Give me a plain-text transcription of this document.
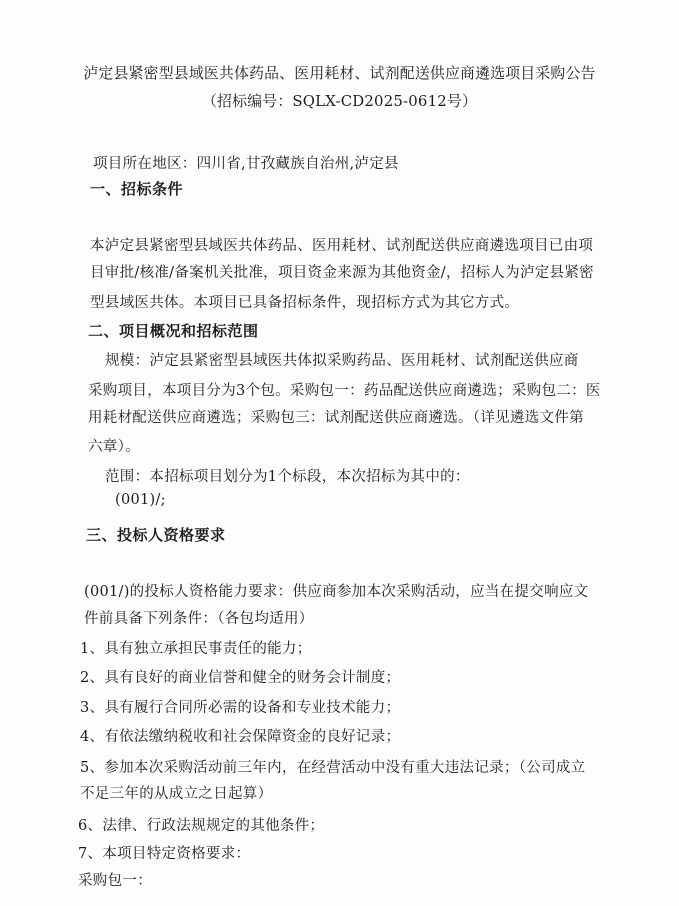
泸定县紧密型县域医共体药品、医用耗材、试剂配送供应商遴选项目采购公告
（招标编号：SQLX-CD2025-0612号）
项目所在地区：四川省,甘孜藏族自治州,泸定县
一、招标条件
本泸定县紧密型县域医共体药品、医用耗材、试剂配送供应商遴选项目已由项
目审批/核准/备案机关批准，项目资金来源为其他资金/，招标人为泸定县紧密
型县域医共体。本项目已具备招标条件，现招标方式为其它方式。
二、项目概况和招标范围
规模：泸定县紧密型县域医共体拟采购药品、医用耗材、试剂配送供应商
采购项目，本项目分为3个包。采购包一：药品配送供应商遴选；采购包二：医
用耗材配送供应商遴选；采购包三：试剂配送供应商遴选。（详见遴选文件第
六章）。
范围：本招标项目划分为1个标段，本次招标为其中的：
(001)/;
三、投标人资格要求
(001/)的投标人资格能力要求：供应商参加本次采购活动，应当在提交响应文
件前具备下列条件：（各包均适用）
1、具有独立承担民事责任的能力；
2、具有良好的商业信誉和健全的财务会计制度；
3、具有履行合同所必需的设备和专业技术能力；
4、有依法缴纳税收和社会保障资金的良好记录；
5、参加本次采购活动前三年内，在经营活动中没有重大违法记录；（公司成立
不足三年的从成立之日起算）
6、法律、行政法规规定的其他条件；
7、本项目特定资格要求：
采购包一：
